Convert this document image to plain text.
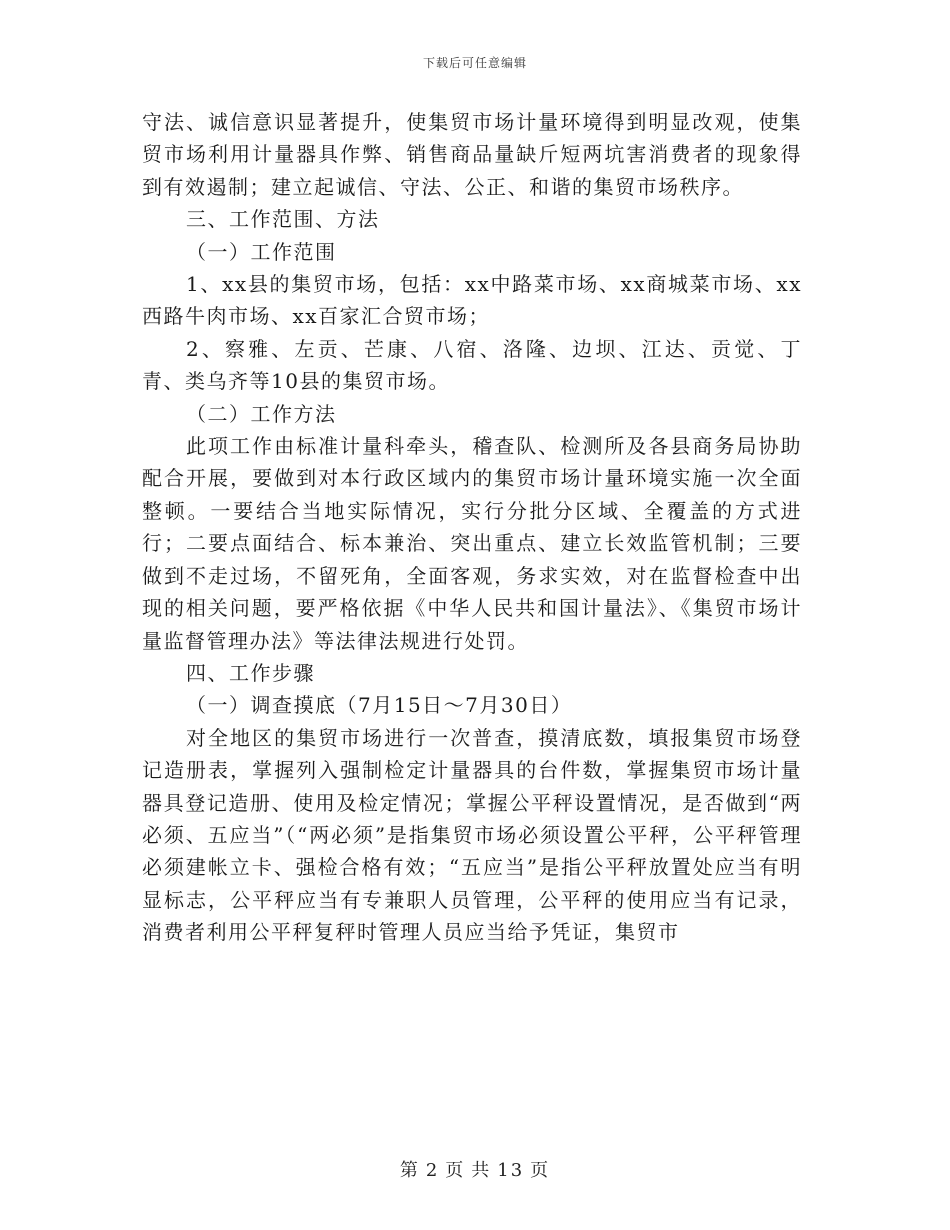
下载后可任意编辑

守法、诚信意识显著提升，使集贸市场计量环境得到明显改观，使集贸市场利用计量器具作弊、销售商品量缺斤短两坑害消费者的现象得到有效遏制；建立起诚信、守法、公正、和谐的集贸市场秩序。

三、工作范围、方法

（一）工作范围

1、xx县的集贸市场，包括：xx中路菜市场、xx商城菜市场、xx西路牛肉市场、xx百家汇合贸市场；

2、察雅、左贡、芒康、八宿、洛隆、边坝、江达、贡觉、丁青、类乌齐等10县的集贸市场。

（二）工作方法

此项工作由标准计量科牵头，稽查队、检测所及各县商务局协助配合开展，要做到对本行政区域内的集贸市场计量环境实施一次全面整顿。一要结合当地实际情况，实行分批分区域、全覆盖的方式进行；二要点面结合、标本兼治、突出重点、建立长效监管机制；三要做到不走过场，不留死角，全面客观，务求实效，对在监督检查中出现的相关问题，要严格依据《中华人民共和国计量法》、《集贸市场计量监督管理办法》等法律法规进行处罚。

四、工作步骤

（一）调查摸底（7月15日～7月30日）

对全地区的集贸市场进行一次普查，摸清底数，填报集贸市场登记造册表，掌握列入强制检定计量器具的台件数，掌握集贸市场计量器具登记造册、使用及检定情况；掌握公平秤设置情况，是否做到“两必须、五应当”（“两必须”是指集贸市场必须设置公平秤，公平秤管理必须建帐立卡、强检合格有效；“五应当”是指公平秤放置处应当有明显标志，公平秤应当有专兼职人员管理，公平秤的使用应当有记录，消费者利用公平秤复秤时管理人员应当给予凭证，集贸市

第 2 页 共 13 页
